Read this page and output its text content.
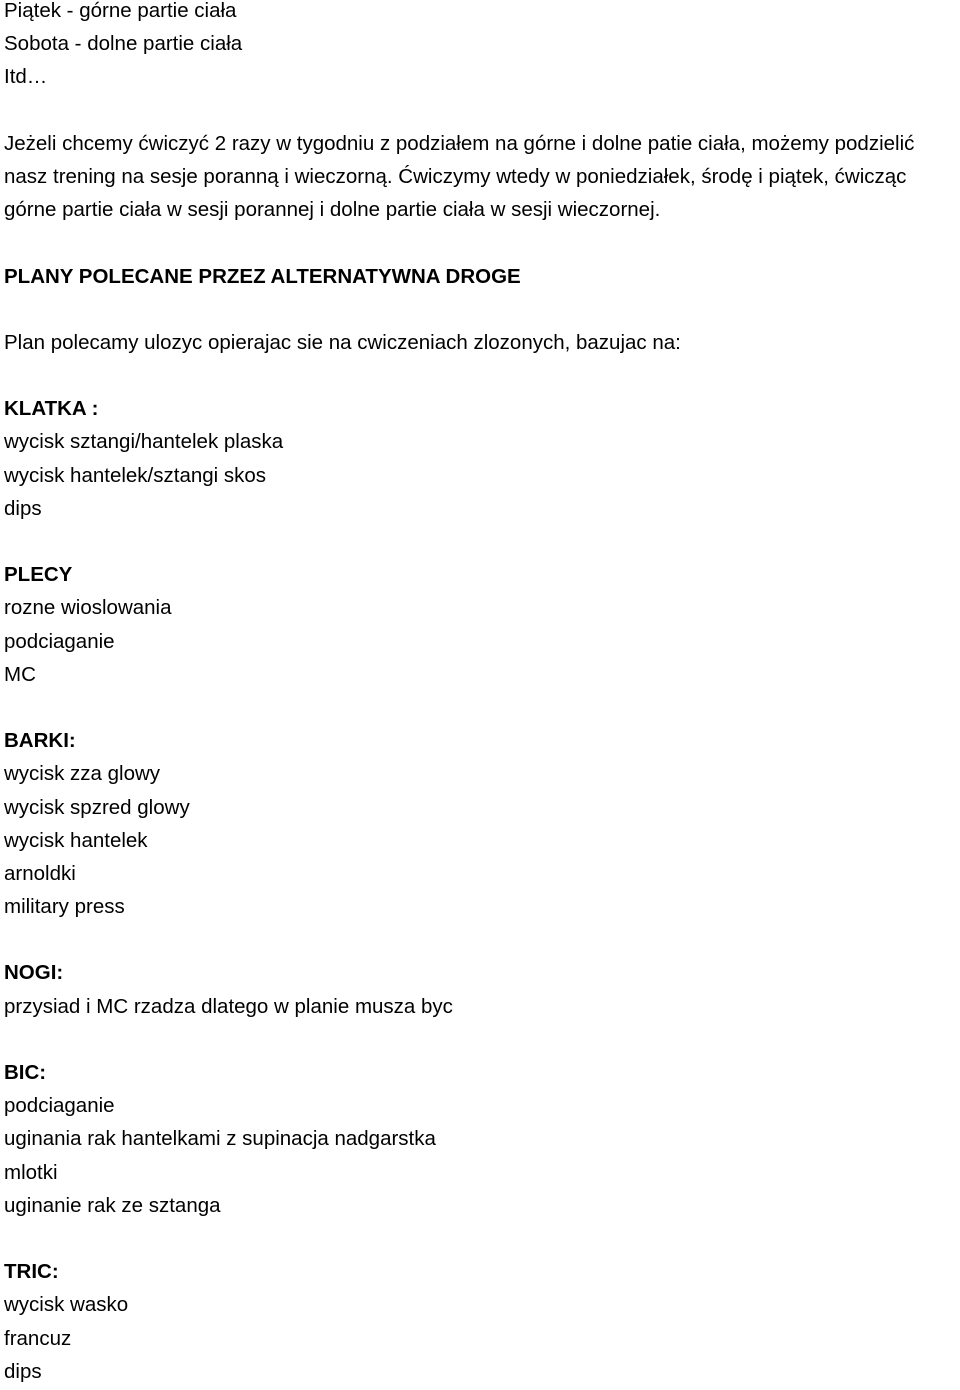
Piątek - górne partie ciała
Sobota - dolne partie ciała
Itd…
Jeżeli chcemy ćwiczyć 2 razy w tygodniu z podziałem na górne i dolne patie ciała, możemy podzielić
nasz trening na sesje poranną i wieczorną. Ćwiczymy wtedy w poniedziałek, środę i piątek, ćwicząc
górne partie ciała w sesji porannej i dolne partie ciała w sesji wieczornej.
PLANY POLECANE PRZEZ ALTERNATYWNA DROGE
Plan polecamy ulozyc opierajac sie na cwiczeniach zlozonych, bazujac na:
KLATKA :
wycisk sztangi/hantelek plaska
wycisk hantelek/sztangi skos
dips
PLECY
rozne wioslowania
podciaganie
MC
BARKI:
wycisk zza glowy
wycisk spzred glowy
wycisk hantelek
arnoldki
military press
NOGI:
przysiad i MC rzadza dlatego w planie musza byc
BIC:
podciaganie
uginania rak hantelkami z supinacja nadgarstka
mlotki
uginanie rak ze sztanga
TRIC:
wycisk wasko
francuz
dips
